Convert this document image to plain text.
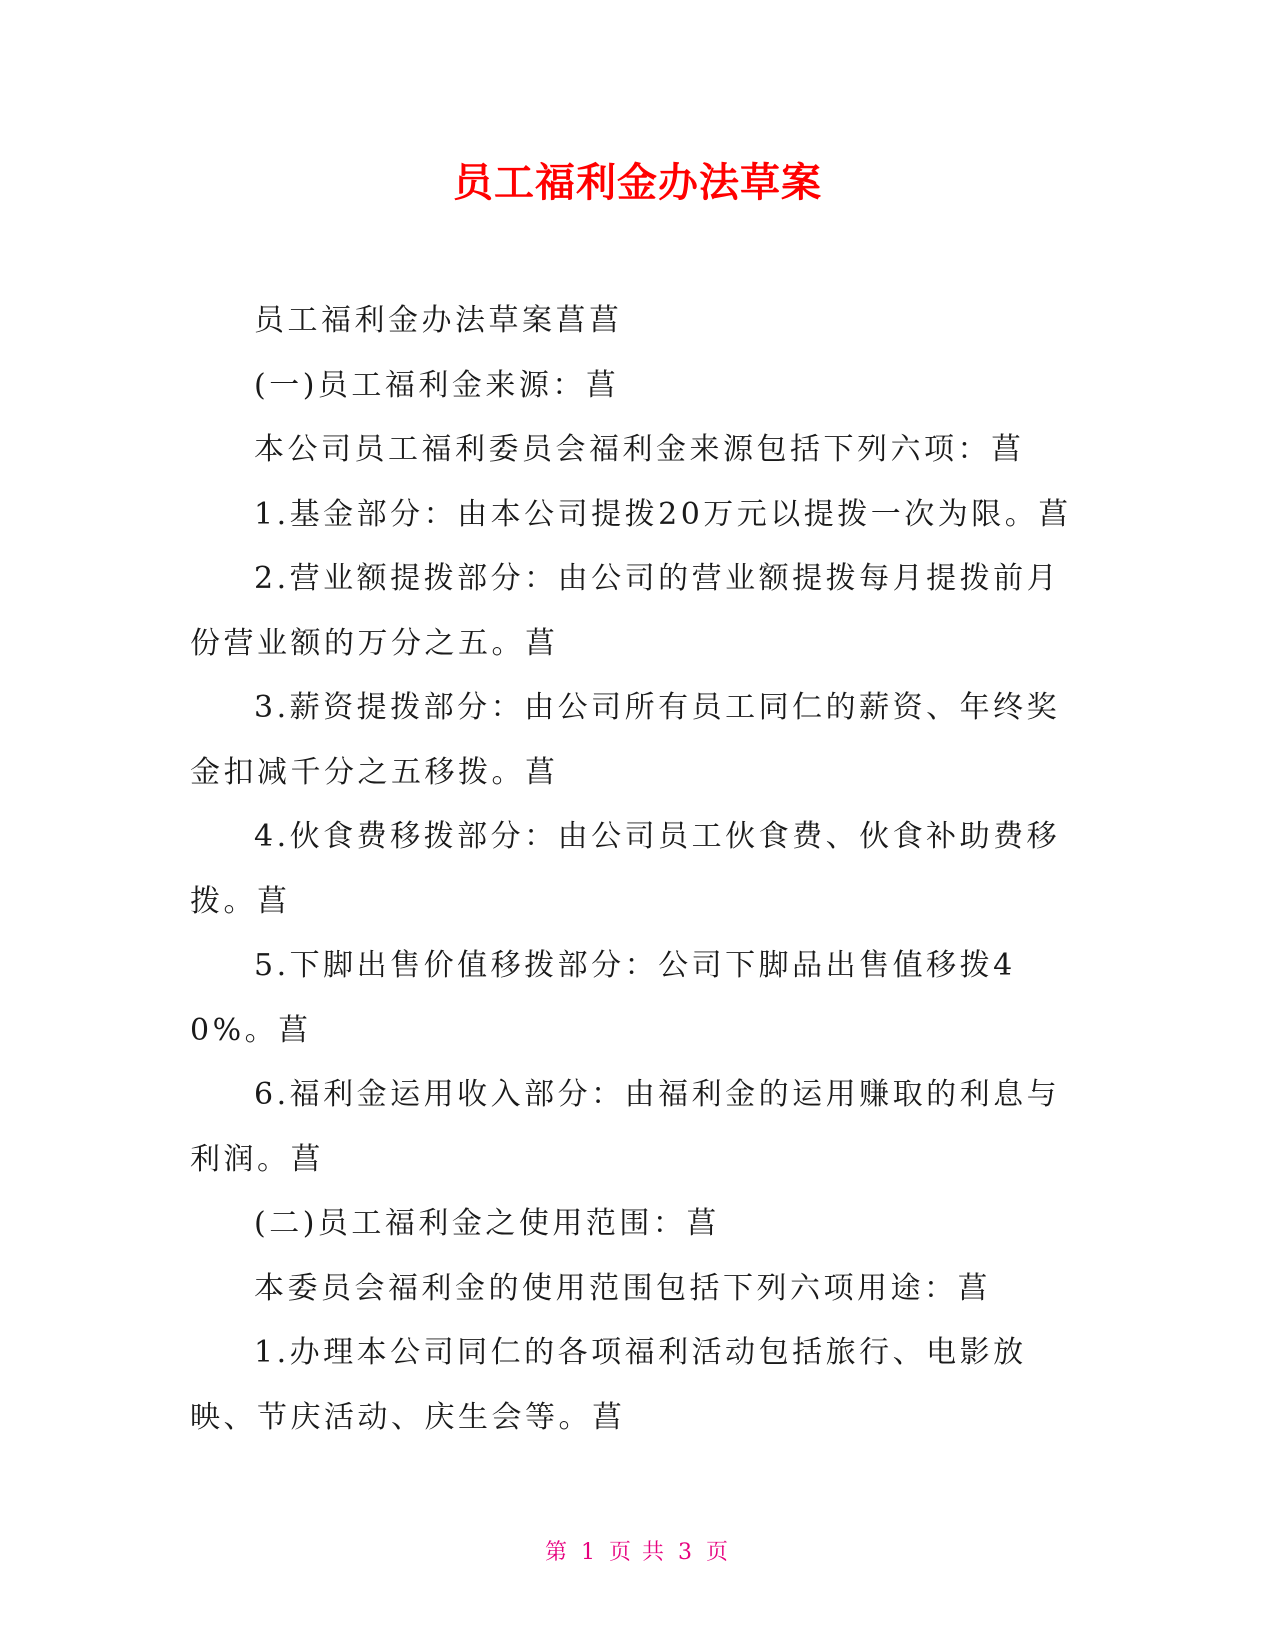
员工福利金办法草案

员工福利金办法草案菖菖

(一)员工福利金来源：菖

本公司员工福利委员会福利金来源包括下列六项：菖

1.基金部分：由本公司提拨20万元以提拨一次为限。菖

2.营业额提拨部分：由公司的营业额提拨每月提拨前月份营业额的万分之五。菖

3.薪资提拨部分：由公司所有员工同仁的薪资、年终奖金扣减千分之五移拨。菖

4.伙食费移拨部分：由公司员工伙食费、伙食补助费移拨。菖

5.下脚出售价值移拨部分：公司下脚品出售值移拨40%。菖

6.福利金运用收入部分：由福利金的运用赚取的利息与利润。菖

(二)员工福利金之使用范围：菖

本委员会福利金的使用范围包括下列六项用途：菖

1.办理本公司同仁的各项福利活动包括旅行、电影放映、节庆活动、庆生会等。菖

第 1 页 共 3 页
